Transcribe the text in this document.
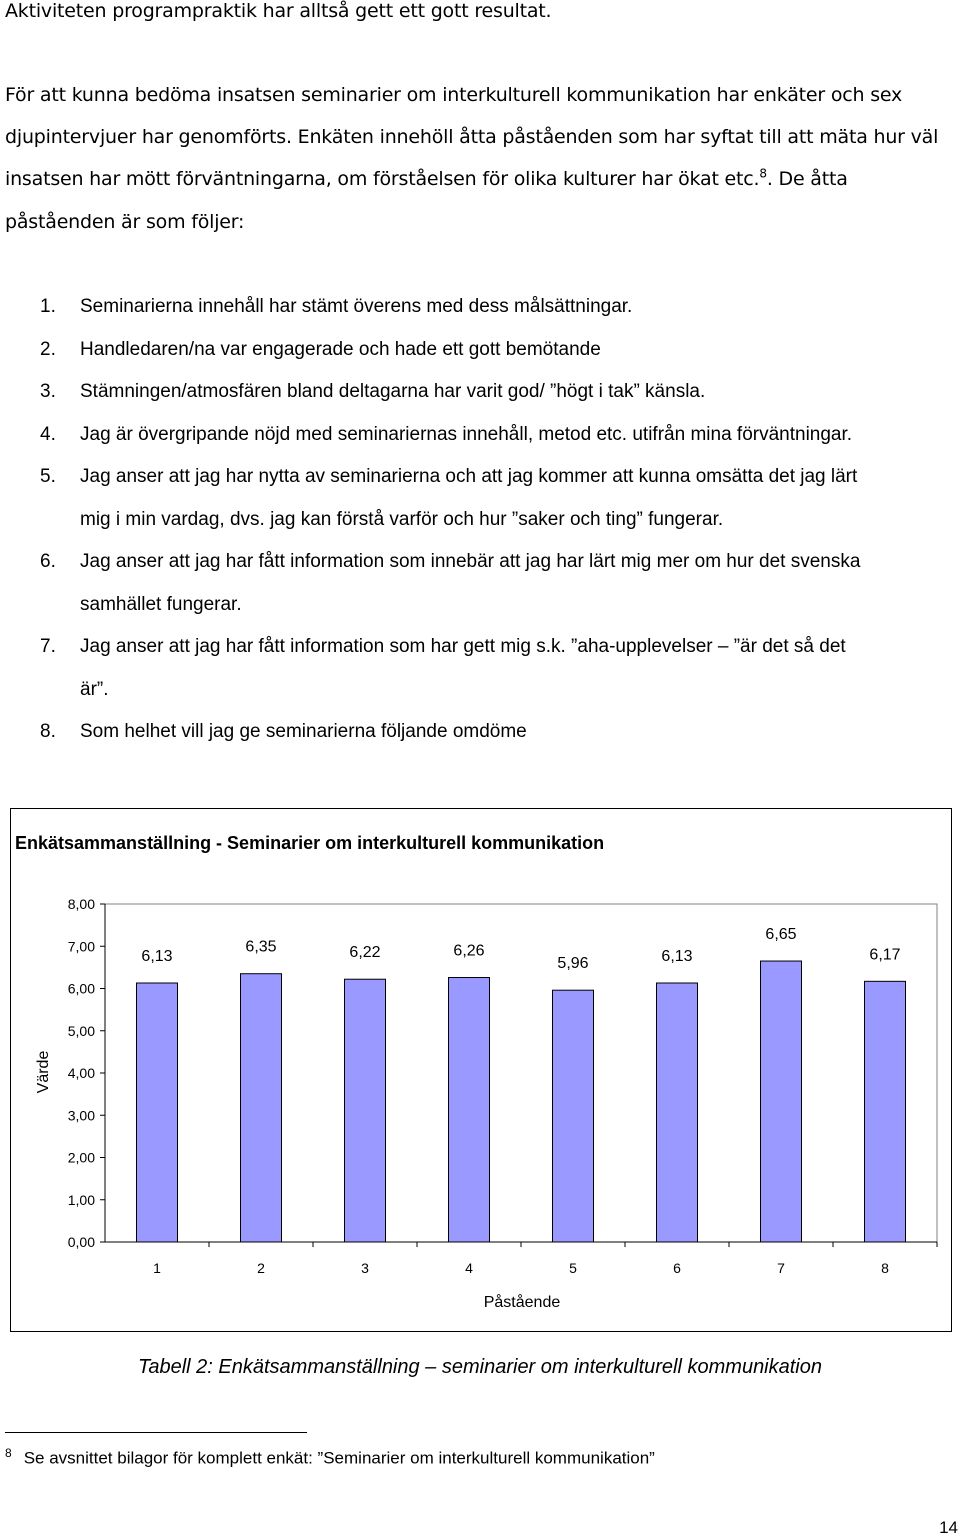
Aktiviteten programpraktik har alltså gett ett gott resultat.
För att kunna bedöma insatsen seminarier om interkulturell kommunikation har enkäter och sex
djupintervjuer har genomförts. Enkäten innehöll åtta påståenden som har syftat till att mäta hur väl
insatsen har mött förväntningarna, om förståelsen för olika kulturer har ökat etc.$^8$. De åtta
påståenden är som följer:
1. Seminarierna innehåll har stämt överens med dess målsättningar.
2. Handledaren/na var engagerade och hade ett gott bemötande
3. Stämningen/atmosfären bland deltagarna har varit god/ ”högt i tak” känsla.
4. Jag är övergripande nöjd med seminariernas innehåll, metod etc. utifrån mina förväntningar.
5. Jag anser att jag har nytta av seminarierna och att jag kommer att kunna omsätta det jag lärt
mig i min vardag, dvs. jag kan förstå varför och hur ”saker och ting” fungerar.
6. Jag anser att jag har fått information som innebär att jag har lärt mig mer om hur det svenska
samhället fungerar.
7. Jag anser att jag har fått information som har gett mig s.k. ”aha-upplevelser – ”är det så det
är”.
8. Som helhet vill jag ge seminarierna följande omdöme
Enkätsammanställning - Seminarier om interkulturell kommunikation
0,00
1,00
2,00
3,00
4,00
5,00
6,00
7,00
8,00
Värde
6,13
1
6,35
2
6,22
3
6,26
4
5,96
5
6,13
6
6,65
7
6,17
8
Påstående
Tabell 2: Enkätsammanställning – seminarier om interkulturell kommunikation
$^8$ Se avsnittet bilagor för komplett enkät: ”Seminarier om interkulturell kommunikation”
14
